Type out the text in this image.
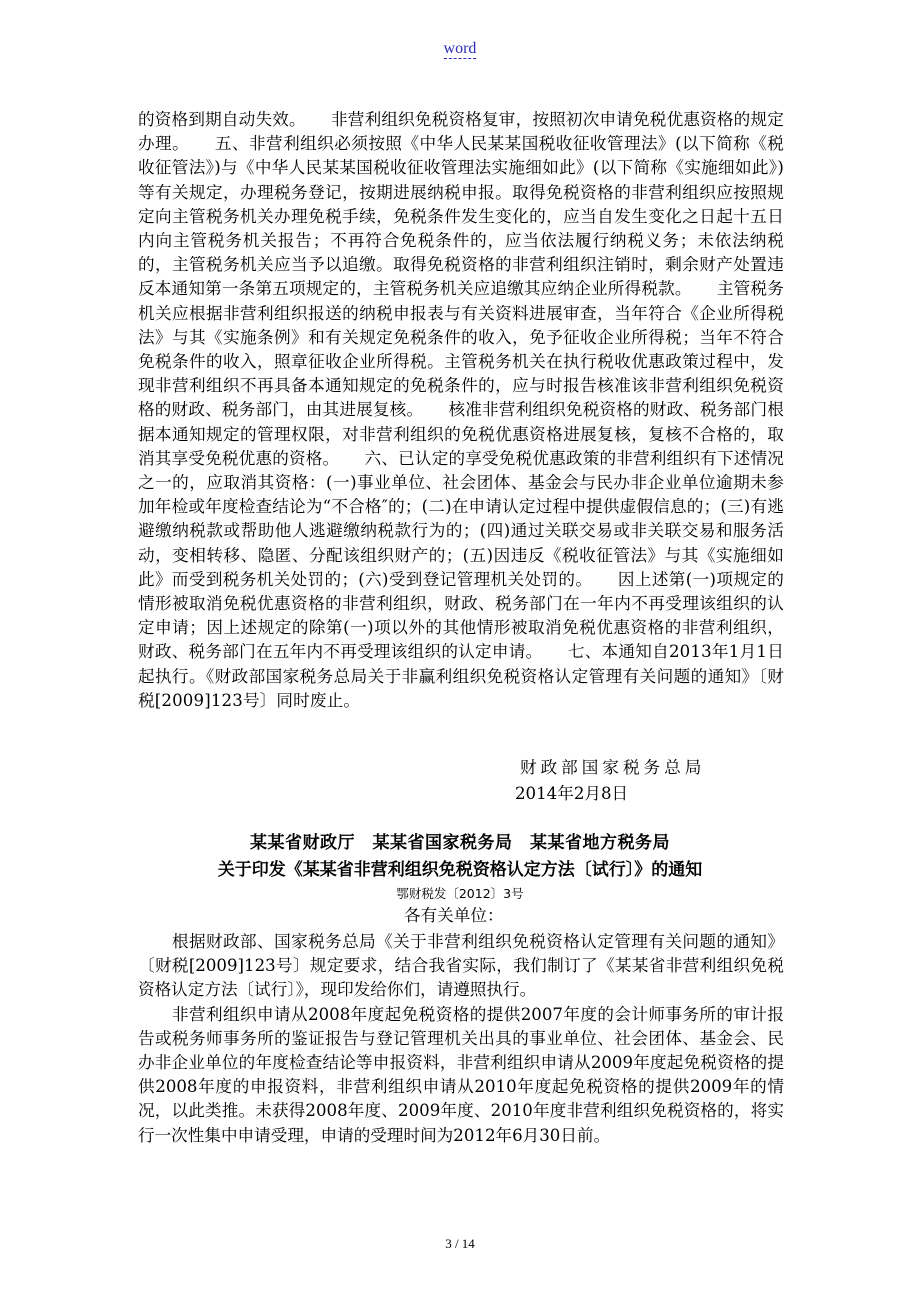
word
的资格到期自动失效。　　非营利组织免税资格复审，按照初次申请免税优惠资格的规定办理。　　五、非营利组织必须按照《中华人民某某国税收征收管理法》(以下简称《税收征管法》)与《中华人民某某国税收征收管理法实施细如此》(以下简称《实施细如此》)等有关规定，办理税务登记，按期进展纳税申报。取得免税资格的非营利组织应按照规定向主管税务机关办理免税手续，免税条件发生变化的，应当自发生变化之日起十五日内向主管税务机关报告；不再符合免税条件的，应当依法履行纳税义务；未依法纳税的，主管税务机关应当予以追缴。取得免税资格的非营利组织注销时，剩余财产处置违反本通知第一条第五项规定的，主管税务机关应追缴其应纳企业所得税款。　　主管税务机关应根据非营利组织报送的纳税申报表与有关资料进展审查，当年符合《企业所得税法》与其《实施条例》和有关规定免税条件的收入，免予征收企业所得税；当年不符合免税条件的收入，照章征收企业所得税。主管税务机关在执行税收优惠政策过程中，发现非营利组织不再具备本通知规定的免税条件的，应与时报告核准该非营利组织免税资格的财政、税务部门，由其进展复核。　　核准非营利组织免税资格的财政、税务部门根据本通知规定的管理权限，对非营利组织的免税优惠资格进展复核，复核不合格的，取消其享受免税优惠的资格。　　六、已认定的享受免税优惠政策的非营利组织有下述情况之一的，应取消其资格：(一)事业单位、社会团体、基金会与民办非企业单位逾期未参加年检或年度检查结论为“不合格″的；(二)在申请认定过程中提供虚假信息的；(三)有逃避缴纳税款或帮助他人逃避缴纳税款行为的；(四)通过关联交易或非关联交易和服务活动，变相转移、隐匿、分配该组织财产的；(五)因违反《税收征管法》与其《实施细如此》而受到税务机关处罚的；(六)受到登记管理机关处罚的。　　因上述第(一)项规定的情形被取消免税优惠资格的非营利组织，财政、税务部门在一年内不再受理该组织的认定申请；因上述规定的除第(一)项以外的其他情形被取消免税优惠资格的非营利组织，财政、税务部门在五年内不再受理该组织的认定申请。　　七、本通知自2013年1月1日起执行。《财政部国家税务总局关于非赢利组织免税资格认定管理有关问题的通知》〔财税[2009]123号〕同时废止。
财政部国家税务总局
2014年2月8日
某某省财政厅　某某省国家税务局　某某省地方税务局
关于印发《某某省非营利组织免税资格认定方法〔试行〕》的通知
鄂财税发〔2012〕3号
各有关单位：

根据财政部、国家税务总局《关于非营利组织免税资格认定管理有关问题的通知》〔财税[2009]123号〕规定要求，结合我省实际，我们制订了《某某省非营利组织免税资格认定方法〔试行〕》，现印发给你们，请遵照执行。

非营利组织申请从2008年度起免税资格的提供2007年度的会计师事务所的审计报告或税务师事务所的鉴证报告与登记管理机关出具的事业单位、社会团体、基金会、民办非企业单位的年度检查结论等申报资料，非营利组织申请从2009年度起免税资格的提供2008年度的申报资料，非营利组织申请从2010年度起免税资格的提供2009年的情况，以此类推。未获得2008年度、2009年度、2010年度非营利组织免税资格的，将实行一次性集中申请受理，申请的受理时间为2012年6月30日前。

3 / 14
